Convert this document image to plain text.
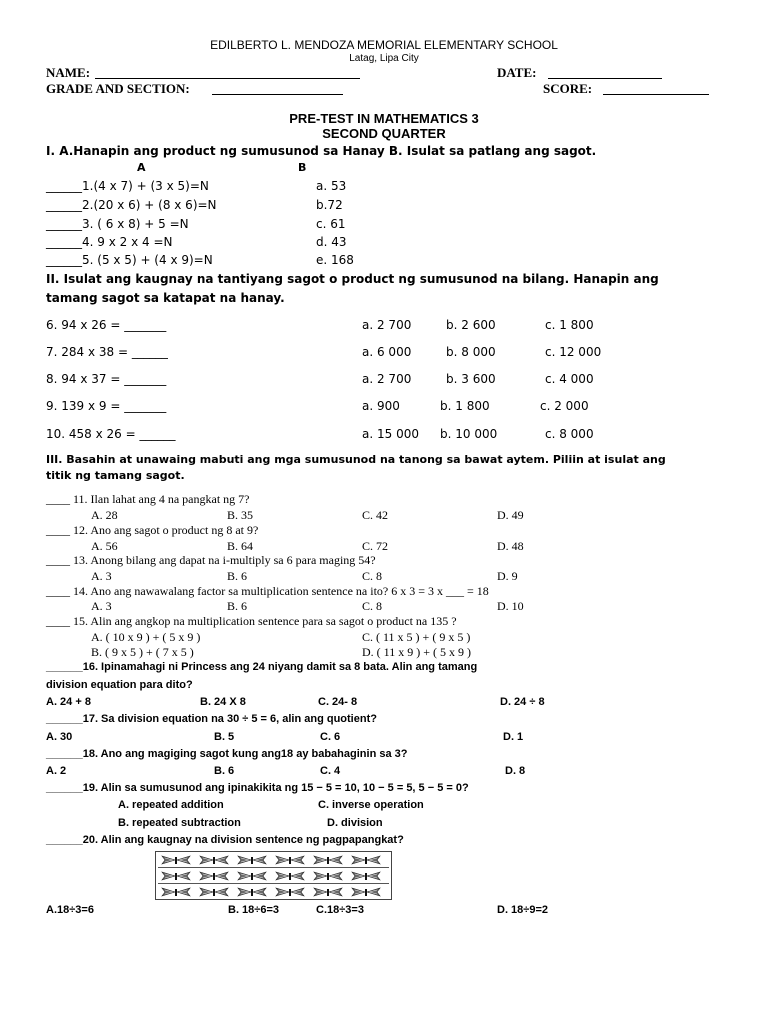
EDILBERTO L. MENDOZA MEMORIAL ELEMENTARY SCHOOL
Latag, Lipa City
NAME:	DATE:
GRADE AND SECTION:	SCORE:
PRE-TEST IN MATHEMATICS 3
SECOND QUARTER
I. A.Hanapin ang product ng sumusunod sa Hanay B. Isulat sa patlang ang sagot.
A	B
______1.(4 x 7) + (3 x 5)=N	a. 53
______2.(20 x 6) + (8 x 6)=N	b.72
______3. ( 6 x 8) + 5 =N	c. 61
______4. 9 x 2 x 4 =N	d. 43
______5. (5 x 5) + (4 x 9)=N	e. 168
II. Isulat ang kaugnay na tantiyang sagot o product ng sumusunod na bilang. Hanapin ang
tamang sagot sa katapat na hanay.
6. 94 x 26 = _______	a. 2 700	b. 2 600	c. 1 800
7. 284 x 38 = ______	a. 6 000	b. 8 000	c. 12 000
8. 94 x 37 = _______	a. 2 700	b. 3 600	c. 4 000
9. 139 x 9 = _______	a. 900	b. 1 800	c. 2 000
10. 458 x 26 = ______	a. 15 000 b. 10 000	c. 8 000
III. Basahin at unawaing mabuti ang mga sumusunod na tanong sa bawat aytem. Piliin at isulat ang
titik ng tamang sagot.
____ 11. Ilan lahat ang 4 na pangkat ng 7?
A. 28	B. 35	C. 42	D. 49
____ 12. Ano ang sagot o product ng 8 at 9?
A. 56	B. 64	C. 72	D. 48
____ 13. Anong bilang ang dapat na i-multiply sa 6 para maging 54?
A. 3	B. 6	C. 8	D. 9
____ 14. Ano ang nawawalang factor sa multiplication sentence na ito? 6 x 3 = 3 x ___ = 18
A. 3	B. 6	C. 8	D. 10
____ 15. Alin ang angkop na multiplication sentence para sa sagot o product na 135 ?
A. ( 10 x 9 ) + ( 5 x 9 )	C. ( 11 x 5 ) + ( 9 x 5 )
B. ( 9 x 5 ) + ( 7 x 5 )	D. ( 11 x 9 ) + ( 5 x 9 )
______16. Ipinamahagi ni Princess ang 24 niyang damit sa 8 bata. Alin ang tamang
division equation para dito?
A. 24 + 8	B. 24 X 8	C. 24- 8	D. 24 ÷ 8
______17. Sa division equation na 30 ÷ 5 = 6, alin ang quotient?
A. 30	B. 5	C. 6	D. 1
______18. Ano ang magiging sagot kung ang18 ay babahaginin sa 3?
A. 2	B. 6	C. 4	D. 8
______19. Alin sa sumusunod ang ipinakikita ng 15 − 5 = 10, 10 − 5 = 5, 5 − 5 = 0?
A. repeated addition	C. inverse operation
B. repeated subtraction	D. division
______20. Alin ang kaugnay na division sentence ng pagpapangkat?
A.18÷3=6	B. 18÷6=3	C.18÷3=3	D. 18÷9=2
